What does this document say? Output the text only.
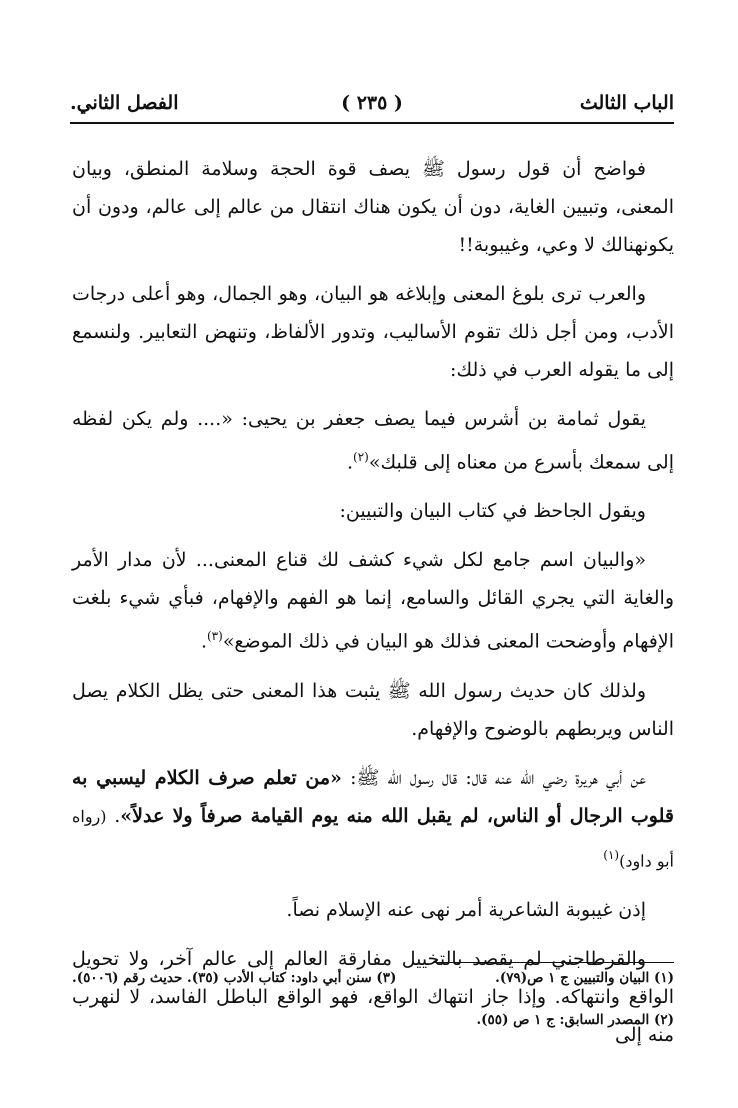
الباب الثالث
( ٢٣٥ )
الفصل الثاني.

فواضح أن قول رسول ﷺ يصف قوة الحجة وسلامة المنطق، وبيان المعنى، وتبيين الغاية، دون أن يكون هناك انتقال من عالم إلى عالم، ودون أن يكونهنالك لا وعي، وغيبوبة!!

والعرب ترى بلوغ المعنى وإبلاغه هو البيان، وهو الجمال، وهو أعلى درجات الأدب، ومن أجل ذلك تقوم الأساليب، وتدور الألفاظ، وتنهض التعابير. ولنسمع إلى ما يقوله العرب في ذلك:

يقول ثمامة بن أشرس فيما يصف جعفر بن يحيى: «.... ولم يكن لفظه إلى سمعك بأسرع من معناه إلى قلبك»$^{(٢)}$.

ويقول الجاحظ في كتاب البيان والتبيين:

«والبيان اسم جامع لكل شيء كشف لك قناع المعنى... لأن مدار الأمر والغاية التي يجري القائل والسامع، إنما هو الفهم والإفهام، فبأي شيء بلغت الإفهام وأوضحت المعنى فذلك هو البيان في ذلك الموضع»$^{(٣)}$.

ولذلك كان حديث رسول الله ﷺ يثبت هذا المعنى حتى يظل الكلام يصل الناس ويربطهم بالوضوح والإفهام.

عن أبي هريرة رضي الله عنه قال: قال رسول الله ﷺ: «من تعلم صرف الكلام ليسبي به قلوب الرجال أو الناس، لم يقبل الله منه يوم القيامة صرفاً ولا عدلاً». (رواه أبو داود)$^{(١)}$

إذن غيبوبة الشاعرية أمر نهى عنه الإسلام نصاً.

والقرطاجني لم يقصد بالتخييل مفارقة العالم إلى عالم آخر، ولا تحويل الواقع وانتهاكه. وإذا جاز انتهاك الواقع، فهو الواقع الباطل الفاسد، لا لنهرب منه إلى

(١) البيان والتبيين ج ١ ص(٧٩).
(٣) سنن أبي داود: كتاب الأدب (٣٥). حديث رقم (٥٠٠٦).
(٢) المصدر السابق: ج ١ ص (٥٥).
